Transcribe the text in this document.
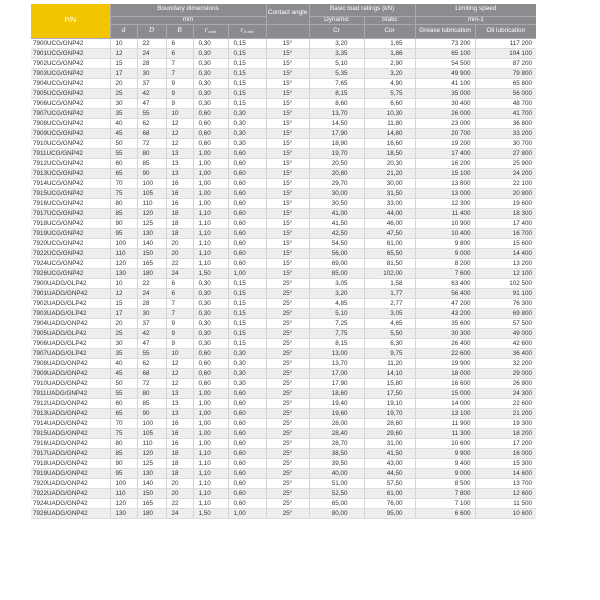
P/N	Boundary dimensions					Contact angle	Basic load ratings (kN)		Limiting speed	
	mm						Dynamic	Static	min-1	
	d	D	B	$r_{s min}$	$r_{1s min}$		Cr	Cor	Grease lubrication	Oil lubrication
7900UCG/GNP42	10	22	6	0,30	0,15	15°	3,20	1,65	73 200	117 200
7901UCG/GNP42	12	24	6	0,30	0,15	15°	3,35	1,86	65 100	104 100
7902UCG/GNP42	15	28	7	0,30	0,15	15°	5,10	2,90	54 500	87 200
7903UCG/GNP42	17	30	7	0,30	0,15	15°	5,35	3,20	49 900	79 800
7904UCG/GNP42	20	37	9	0,30	0,15	15°	7,65	4,90	41 100	65 800
7905UCG/GNP42	25	42	9	0,30	0,15	15°	8,15	5,75	35 000	56 000
7906UCG/GNP42	30	47	9	0,30	0,15	15°	8,60	6,60	30 400	48 700
7907UCG/GNP42	35	55	10	0,60	0,30	15°	13,70	10,30	26 000	41 700
7908UCG/GNP42	40	62	12	0,60	0,30	15°	14,50	11,80	23 000	36 800
7909UCG/GNP42	45	68	12	0,60	0,30	15°	17,90	14,80	20 700	33 200
7910UCG/GNP42	50	72	12	0,60	0,30	15°	18,90	16,60	19 200	30 700
7911UCG/GNP42	55	80	13	1,00	0,60	15°	19,70	18,50	17 400	27 800
7912UCG/GNP42	60	85	13	1,00	0,60	15°	20,50	20,30	16 200	25 900
7913UCG/GNP42	65	90	13	1,00	0,60	15°	20,80	21,20	15 100	24 200
7914UCG/GNP42	70	100	16	1,00	0,60	15°	29,70	30,00	13 800	22 100
7915UCG/GNP42	75	105	16	1,00	0,60	15°	30,00	31,50	13 000	20 800
7916UCG/GNP42	80	110	16	1,00	0,60	15°	30,50	33,00	12 300	19 600
7917UCG/GNP42	85	120	18	1,10	0,60	15°	41,00	44,00	11 400	18 300
7918UCG/GNP42	90	125	18	1,10	0,60	15°	41,50	46,00	10 900	17 400
7919UCG/GNP42	95	130	18	1,10	0,60	15°	42,50	47,50	10 400	16 700
7920UCG/GNP42	100	140	20	1,10	0,60	15°	54,50	61,00	9 800	15 600
7922UCG/GNP42	110	150	20	1,10	0,60	15°	56,00	65,50	9 000	14 400
7924UCG/GNP42	120	165	22	1,10	0,60	15°	69,00	81,50	8 200	13 200
7926UCG/GNP42	130	180	24	1,50	1,00	15°	85,00	102,00	7 600	12 100
7900UADG/GLP42	10	22	6	0,30	0,15	25°	3,05	1,58	63 400	102 500
7901UADG/GNP42	12	24	6	0,30	0,15	25°	3,20	1,77	56 400	91 100
7902UADG/GLP42	15	28	7	0,30	0,15	25°	4,85	2,77	47 200	76 300
7903UADG/GLP42	17	30	7	0,30	0,15	25°	5,10	3,05	43 200	69 800
7904UADG/GNP42	20	37	9	0,30	0,15	25°	7,25	4,65	35 600	57 500
7905UADG/GLP42	25	42	9	0,30	0,15	25°	7,75	5,50	30 300	49 000
7906UADG/GLP42	30	47	9	0,30	0,15	25°	8,15	6,30	26 400	42 600
7907UADG/GLP42	35	55	10	0,60	0,30	25°	13,00	9,75	22 600	36 400
7908UADG/GNP42	40	62	12	0,60	0,30	25°	13,70	11,20	19 900	32 200
7909UADG/GNP42	45	68	12	0,60	0,30	25°	17,00	14,10	18 000	29 000
7910UADG/GNP42	50	72	12	0,60	0,30	25°	17,90	15,80	16 600	26 900
7911UADG/GNP42	55	80	13	1,00	0,60	25°	18,60	17,50	15 000	24 300
7912UADG/GNP42	60	85	13	1,00	0,60	25°	19,40	19,10	14 000	22 600
7913UADG/GNP42	65	90	13	1,00	0,60	25°	19,60	19,70	13 100	21 200
7914UADG/GNP42	70	100	16	1,00	0,60	25°	28,00	28,60	11 900	19 300
7915UADG/GNP42	75	105	16	1,00	0,60	25°	28,40	29,60	11 300	18 200
7916UADG/GNP42	80	110	16	1,00	0,60	25°	28,70	31,00	10 600	17 200
7917UADG/GNP42	85	120	18	1,10	0,60	25°	38,50	41,50	9 900	16 000
7918UADG/GNP42	90	125	18	1,10	0,60	25°	39,50	43,00	9 400	15 300
7919UADG/GNP42	95	130	18	1,10	0,60	25°	40,00	44,50	9 000	14 600
7920UADG/GNP42	100	140	20	1,10	0,60	25°	51,00	57,50	8 500	13 700
7922UADG/GNP42	110	150	20	1,10	0,60	25°	52,50	61,00	7 800	12 600
7924UADG/GNP42	120	165	22	1,10	0,60	25°	65,00	76,00	7 100	11 500
7926UADG/GNP42	130	180	24	1,50	1,00	25°	80,00	95,00	6 600	10 600
